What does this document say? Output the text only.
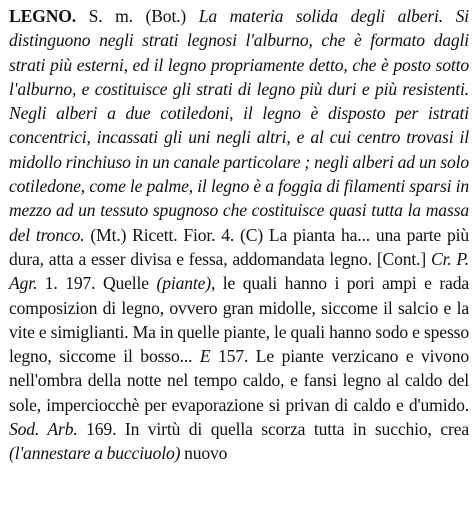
LEGNO. S. m. (Bot.) La materia solida degli alberi. Si distinguono negli strati legnosi l'alburno, che è formato dagli strati più esterni, ed il legno propriamente detto, che è posto sotto l'alburno, e costituisce gli strati di legno più duri e più resistenti. Negli alberi a due cotiledoni, il legno è disposto per istrati concentrici, incassati gli uni negli altri, e al cui centro trovasi il midollo rinchiuso in un canale particolare ; negli alberi ad un solo cotiledone, come le palme, il legno è a foggia di filamenti sparsi in mezzo ad un tessuto spugnoso che costituisce quasi tutta la massa del tronco. (Mt.) Ricett. Fior. 4. (C) La pianta ha... una parte più dura, atta a esser divisa e fessa, addomandata legno. [Cont.] Cr. P. Agr. 1. 197. Quelle (piante), le quali hanno i pori ampi e rada composizion di legno, ovvero gran midolle, siccome il salcio e la vite e simiglianti. Ma in quelle piante, le quali hanno sodo e spesso legno, siccome il bosso... E 157. Le piante verzicano e vivono nell'ombra della notte nel tempo caldo, e fansi legno al caldo del sole, imperciocchè per evaporazione si privan di caldo e d'umido. Sod. Arb. 169. In virtù di quella scorza tutta in succhio, crea (l'annestare a bucciuolo) nuovo
